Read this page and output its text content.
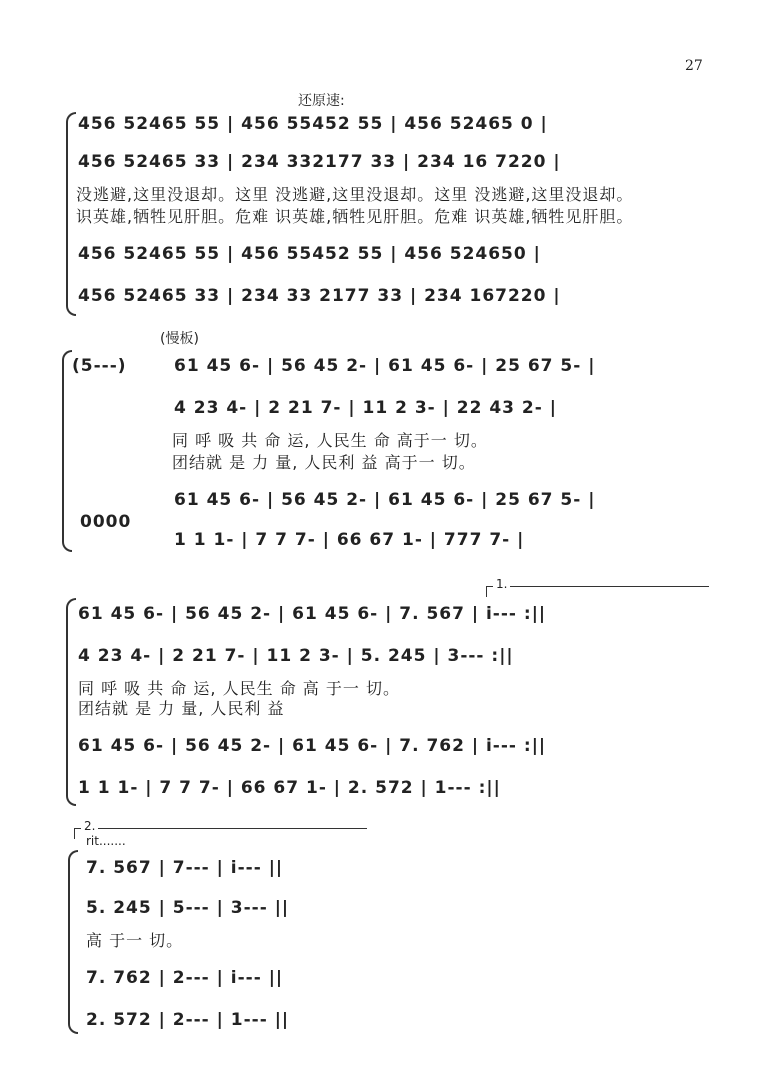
27
还原速:
456 52465 55 | 456 55452 55 | 456 52465 0 |
456 52465 33 | 234 332177 33 | 234 16 7220 |
没逃避,这里没退却。这里 没逃避,这里没退却。这里 没逃避,这里没退却。
识英雄,牺牲见肝胆。危难 识英雄,牺牲见肝胆。危难 识英雄,牺牲见肝胆。
456 52465 55 | 456 55452 55 | 456 524650 |
456 52465 33 | 234 33 2177 33 | 234 167220 |
(慢板)
(5---)	61 45 6- | 56 45 2- | 61 45 6- | 25 67 5- |
4 23 4- | 2 21 7- | 11 2 3- | 22 43 2- |
同 呼 吸 共 命 运, 人民生 命 高于一 切。
团结就 是 力 量, 人民利 益 高于一 切。
61 45 6- | 56 45 2- | 61 45 6- | 25 67 5- |
0000
1 1 1- | 7 7 7- | 66 67 1- | 777 7- |
1.
61 45 6- | 56 45 2- | 61 45 6- | 7. 567 | i--- :||
4 23 4- | 2 21 7- | 11 2 3- | 5. 245 | 3--- :||
同 呼 吸 共 命 运, 人民生 命 高 于一 切。
团结就 是 力 量, 人民利 益
61 45 6- | 56 45 2- | 61 45 6- | 7. 762 | i--- :||
1 1 1- | 7 7 7- | 66 67 1- | 2. 572 | 1--- :||
2.
rit.......
7. 567 | 7--- | i--- ||
5. 245 | 5--- | 3--- ||
高 于一 切。
7. 762 | 2--- | i--- ||
2. 572 | 2--- | 1--- ||
